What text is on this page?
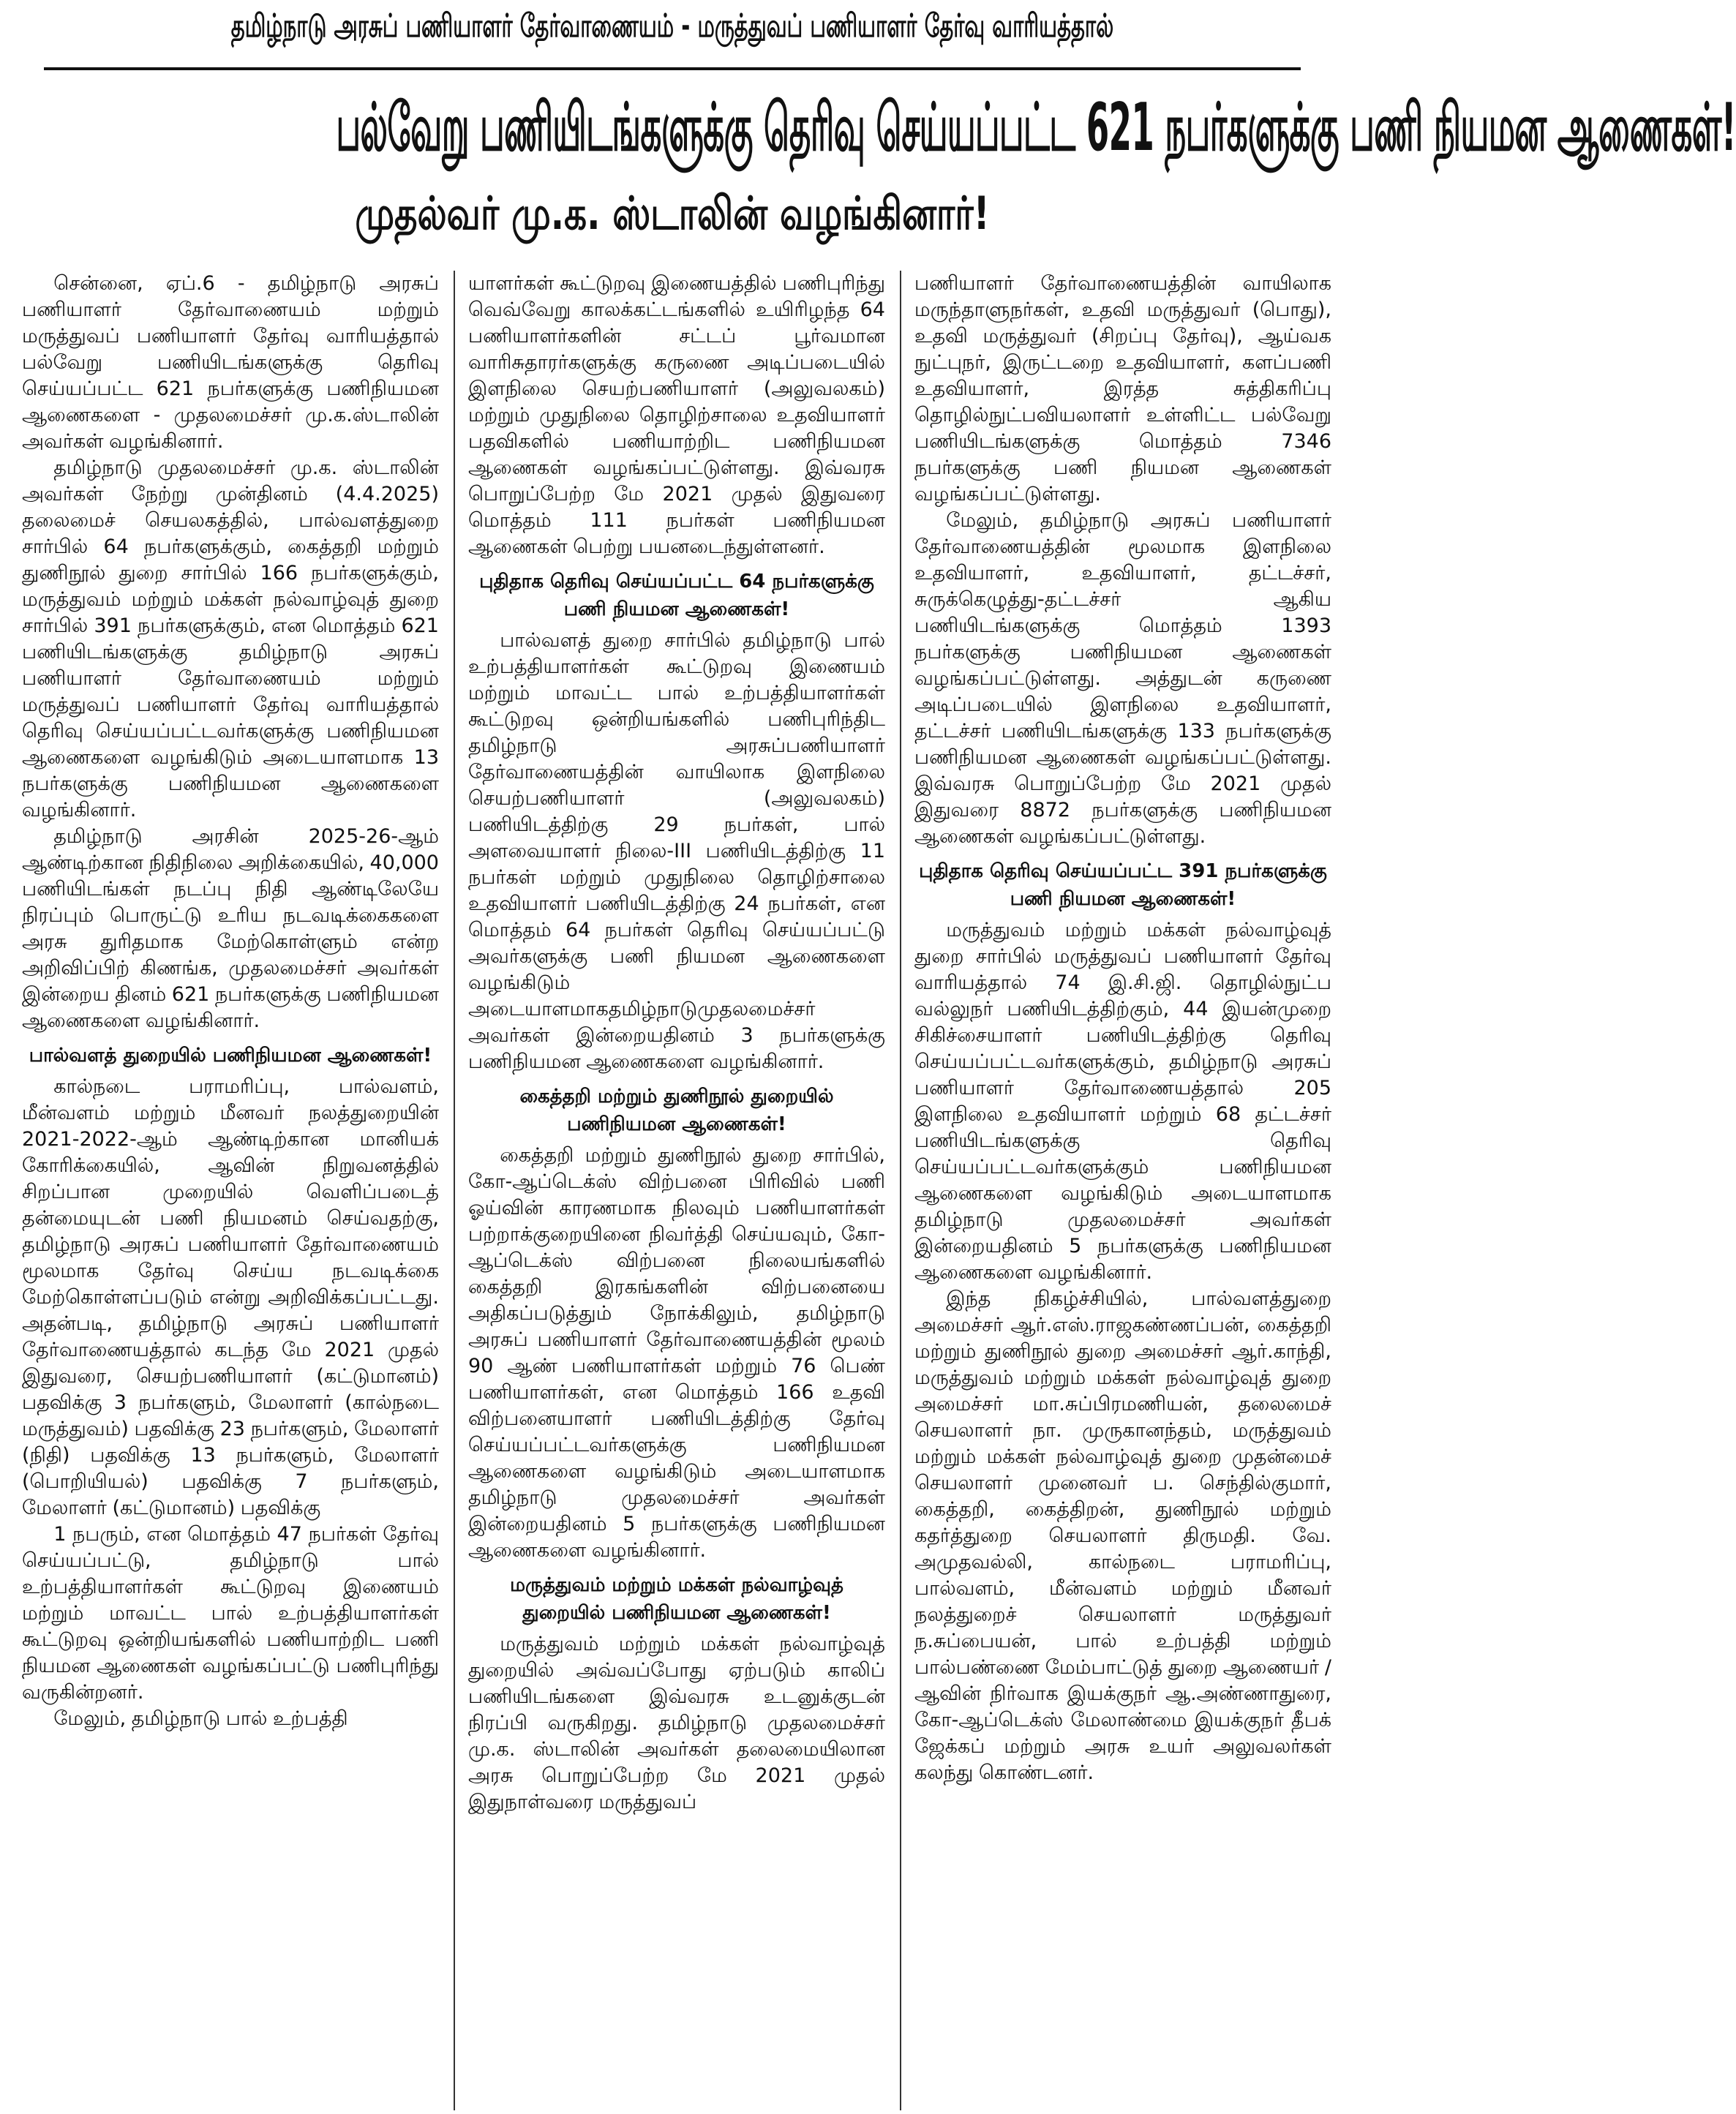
தமிழ்நாடு அரசுப் பணியாளர் தேர்வாணையம் - மருத்துவப் பணியாளர் தேர்வு வாரியத்தால்
பல்வேறு பணியிடங்களுக்கு தெரிவு செய்யப்பட்ட 621 நபர்களுக்கு பணி நியமன ஆணைகள்!
முதல்வர் மு.க. ஸ்டாலின் வழங்கினார்!

சென்னை, ஏப்.6 - தமிழ்நாடு அரசுப் பணியாளர் தேர்வாணையம் மற்றும் மருத்துவப் பணியாளர் தேர்வு வாரியத்தால் பல்வேறு பணியிடங்களுக்கு தெரிவு செய்யப்பட்ட 621 நபர்களுக்கு பணிநியமன ஆணைகளை - முதலமைச்சர் மு.க.ஸ்டாலின் அவர்கள் வழங்கினார்.

தமிழ்நாடு முதலமைச்சர் மு.க. ஸ்டாலின் அவர்கள் நேற்று முன்தினம் (4.4.2025) தலைமைச் செயலகத்தில், பால்வளத்துறை சார்பில் 64 நபர்களுக்கும், கைத்தறி மற்றும் துணிநூல் துறை சார்பில் 166 நபர்களுக்கும், மருத்துவம் மற்றும் மக்கள் நல்வாழ்வுத் துறை சார்பில் 391 நபர்களுக்கும், என மொத்தம் 621 பணியிடங்களுக்கு தமிழ்நாடு அரசுப் பணியாளர் தேர்வாணையம் மற்றும் மருத்துவப் பணியாளர் தேர்வு வாரியத்தால் தெரிவு செய்யப்பட்டவர்களுக்கு பணிநியமன ஆணைகளை வழங்கிடும் அடையாளமாக 13 நபர்களுக்கு பணிநியமன ஆணைகளை வழங்கினார்.

தமிழ்நாடு அரசின் 2025-26-ஆம் ஆண்டிற்கான நிதிநிலை அறிக்கையில், 40,000 பணியிடங்கள் நடப்பு நிதி ஆண்டிலேயே நிரப்பும் பொருட்டு உரிய நடவடிக்கைகளை அரசு துரிதமாக மேற்கொள்ளும் என்ற அறிவிப்பிற் கிணங்க, முதலமைச்சர் அவர்கள் இன்றைய தினம் 621 நபர்களுக்கு பணிநியமன ஆணைகளை வழங்கினார்.

பால்வளத் துறையில் பணிநியமன ஆணைகள்!

கால்நடை பராமரிப்பு, பால்வளம், மீன்வளம் மற்றும் மீனவர் நலத்துறையின் 2021-2022-ஆம் ஆண்டிற்கான மானியக் கோரிக்கையில், ஆவின் நிறுவனத்தில் சிறப்பான முறையில் வெளிப்படைத் தன்மையுடன் பணி நியமனம் செய்வதற்கு, தமிழ்நாடு அரசுப் பணியாளர் தேர்வாணையம் மூலமாக தேர்வு செய்ய நடவடிக்கை மேற்கொள்ளப்படும் என்று அறிவிக்கப்பட்டது. அதன்படி, தமிழ்நாடு அரசுப் பணியாளர் தேர்வாணையத்தால் கடந்த மே 2021 முதல் இதுவரை, செயற்பணியாளர் (கட்டுமானம்) பதவிக்கு 3 நபர்களும், மேலாளர் (கால்நடை மருத்துவம்) பதவிக்கு 23 நபர்களும், மேலாளர் (நிதி) பதவிக்கு 13 நபர்களும், மேலாளர் (பொறியியல்) பதவிக்கு 7 நபர்களும், மேலாளர் (கட்டுமானம்) பதவிக்கு

1 நபரும், என மொத்தம் 47 நபர்கள் தேர்வு செய்யப்பட்டு, தமிழ்நாடு பால் உற்பத்தியாளர்கள் கூட்டுறவு இணையம் மற்றும் மாவட்ட பால் உற்பத்தியாளர்கள் கூட்டுறவு ஒன்றியங்களில் பணியாற்றிட பணி நியமன ஆணைகள் வழங்கப்பட்டு பணிபுரிந்து வருகின்றனர்.

மேலும், தமிழ்நாடு பால் உற்பத்தி

யாளர்கள் கூட்டுறவு இணையத்தில் பணிபுரிந்து வெவ்வேறு காலக்கட்டங்களில் உயிரிழந்த 64 பணியாளர்களின் சட்டப் பூர்வமான வாரிசுதாரர்களுக்கு கருணை அடிப்படையில் இளநிலை செயற்பணியாளர் (அலுவலகம்) மற்றும் முதுநிலை தொழிற்சாலை உதவியாளர் பதவிகளில் பணியாற்றிட பணிநியமன ஆணைகள் வழங்கப்பட்டுள்ளது. இவ்வரசு பொறுப்பேற்ற மே 2021 முதல் இதுவரை மொத்தம் 111 நபர்கள் பணிநியமன ஆணைகள் பெற்று பயனடைந்துள்ளனர்.

புதிதாக தெரிவு செய்யப்பட்ட 64 நபர்களுக்கு பணி நியமன ஆணைகள்!

பால்வளத் துறை சார்பில் தமிழ்நாடு பால் உற்பத்தியாளர்கள் கூட்டுறவு இணையம் மற்றும் மாவட்ட பால் உற்பத்தியாளர்கள் கூட்டுறவு ஒன்றியங்களில் பணிபுரிந்திட தமிழ்நாடு அரசுப்பணியாளர் தேர்வாணையத்தின் வாயிலாக இளநிலை செயற்பணியாளர் (அலுவலகம்) பணியிடத்திற்கு 29 நபர்கள், பால் அளவையாளர் நிலை-III பணியிடத்திற்கு 11 நபர்கள் மற்றும் முதுநிலை தொழிற்சாலை உதவியாளர் பணியிடத்திற்கு 24 நபர்கள், என மொத்தம் 64 நபர்கள் தெரிவு செய்யப்பட்டு அவர்களுக்கு பணி நியமன ஆணைகளை வழங்கிடும் அடையாளமாகதமிழ்நாடுமுதலமைச்சர் அவர்கள் இன்றையதினம் 3 நபர்களுக்கு பணிநியமன ஆணைகளை வழங்கினார்.

கைத்தறி மற்றும் துணிநூல் துறையில் பணிநியமன ஆணைகள்!

கைத்தறி மற்றும் துணிநூல் துறை சார்பில், கோ-ஆப்டெக்ஸ் விற்பனை பிரிவில் பணி ஓய்வின் காரணமாக நிலவும் பணியாளர்கள் பற்றாக்குறையினை நிவர்த்தி செய்யவும், கோ-ஆப்டெக்ஸ் விற்பனை நிலையங்களில் கைத்தறி இரகங்களின் விற்பனையை அதிகப்படுத்தும் நோக்கிலும், தமிழ்நாடு அரசுப் பணியாளர் தேர்வாணையத்தின் மூலம் 90 ஆண் பணியாளர்கள் மற்றும் 76 பெண் பணியாளர்கள், என மொத்தம் 166 உதவி விற்பனையாளர் பணியிடத்திற்கு தேர்வு செய்யப்பட்டவர்களுக்கு பணிநியமன ஆணைகளை வழங்கிடும் அடையாளமாக தமிழ்நாடு முதலமைச்சர் அவர்கள் இன்றையதினம் 5 நபர்களுக்கு பணிநியமன ஆணைகளை வழங்கினார்.

மருத்துவம் மற்றும் மக்கள் நல்வாழ்வுத் துறையில் பணிநியமன ஆணைகள்!

மருத்துவம் மற்றும் மக்கள் நல்வாழ்வுத் துறையில் அவ்வப்போது ஏற்படும் காலிப் பணியிடங்களை இவ்வரசு உடனுக்குடன் நிரப்பி வருகிறது. தமிழ்நாடு முதலமைச்சர் மு.க. ஸ்டாலின் அவர்கள் தலைமையிலான அரசு பொறுப்பேற்ற மே 2021 முதல் இதுநாள்வரை மருத்துவப்

பணியாளர் தேர்வாணையத்தின் வாயிலாக மருந்தாளுநர்கள், உதவி மருத்துவர் (பொது), உதவி மருத்துவர் (சிறப்பு தேர்வு), ஆய்வக நுட்புநர், இருட்டறை உதவியாளர், களப்பணி உதவியாளர், இரத்த சுத்திகரிப்பு தொழில்நுட்பவியலாளர் உள்ளிட்ட பல்வேறு பணியிடங்களுக்கு மொத்தம் 7346 நபர்களுக்கு பணி நியமன ஆணைகள் வழங்கப்பட்டுள்ளது.

மேலும், தமிழ்நாடு அரசுப் பணியாளர் தேர்வாணையத்தின் மூலமாக இளநிலை உதவியாளர், உதவியாளர், தட்டச்சர், சுருக்கெழுத்து-தட்டச்சர் ஆகிய பணியிடங்களுக்கு மொத்தம் 1393 நபர்களுக்கு பணிநியமன ஆணைகள் வழங்கப்பட்டுள்ளது. அத்துடன் கருணை அடிப்படையில் இளநிலை உதவியாளர், தட்டச்சர் பணியிடங்களுக்கு 133 நபர்களுக்கு பணிநியமன ஆணைகள் வழங்கப்பட்டுள்ளது. இவ்வரசு பொறுப்பேற்ற மே 2021 முதல் இதுவரை 8872 நபர்களுக்கு பணிநியமன ஆணைகள் வழங்கப்பட்டுள்ளது.

புதிதாக தெரிவு செய்யப்பட்ட 391 நபர்களுக்கு பணி நியமன ஆணைகள்!

மருத்துவம் மற்றும் மக்கள் நல்வாழ்வுத் துறை சார்பில் மருத்துவப் பணியாளர் தேர்வு வாரியத்தால் 74 இ.சி.ஜி. தொழில்நுட்ப வல்லுநர் பணியிடத்திற்கும், 44 இயன்முறை சிகிச்சையாளர் பணியிடத்திற்கு தெரிவு செய்யப்பட்டவர்களுக்கும், தமிழ்நாடு அரசுப் பணியாளர் தேர்வாணையத்தால் 205 இளநிலை உதவியாளர் மற்றும் 68 தட்டச்சர் பணியிடங்களுக்கு தெரிவு செய்யப்பட்டவர்களுக்கும் பணிநியமன ஆணைகளை வழங்கிடும் அடையாளமாக தமிழ்நாடு முதலமைச்சர் அவர்கள் இன்றையதினம் 5 நபர்களுக்கு பணிநியமன ஆணைகளை வழங்கினார்.

இந்த நிகழ்ச்சியில், பால்வளத்துறை அமைச்சர் ஆர்.எஸ்.ராஜகண்ணப்பன், கைத்தறி மற்றும் துணிநூல் துறை அமைச்சர் ஆர்.காந்தி, மருத்துவம் மற்றும் மக்கள் நல்வாழ்வுத் துறை அமைச்சர் மா.சுப்பிரமணியன், தலைமைச் செயலாளர் நா. முருகானந்தம், மருத்துவம் மற்றும் மக்கள் நல்வாழ்வுத் துறை முதன்மைச் செயலாளர் முனைவர் ப. செந்தில்குமார், கைத்தறி, கைத்திறன், துணிநூல் மற்றும் கதர்த்துறை செயலாளர் திருமதி. வே. அமுதவல்லி, கால்நடை பராமரிப்பு, பால்வளம், மீன்வளம் மற்றும் மீனவர் நலத்துறைச் செயலாளர் மருத்துவர் ந.சுப்பையன், பால் உற்பத்தி மற்றும் பால்பண்ணை மேம்பாட்டுத் துறை ஆணையர் / ஆவின் நிர்வாக இயக்குநர் ஆ.அண்ணாதுரை, கோ-ஆப்டெக்ஸ் மேலாண்மை இயக்குநர் தீபக் ஜேக்கப் மற்றும் அரசு உயர் அலுவலர்கள் கலந்து கொண்டனர்.
